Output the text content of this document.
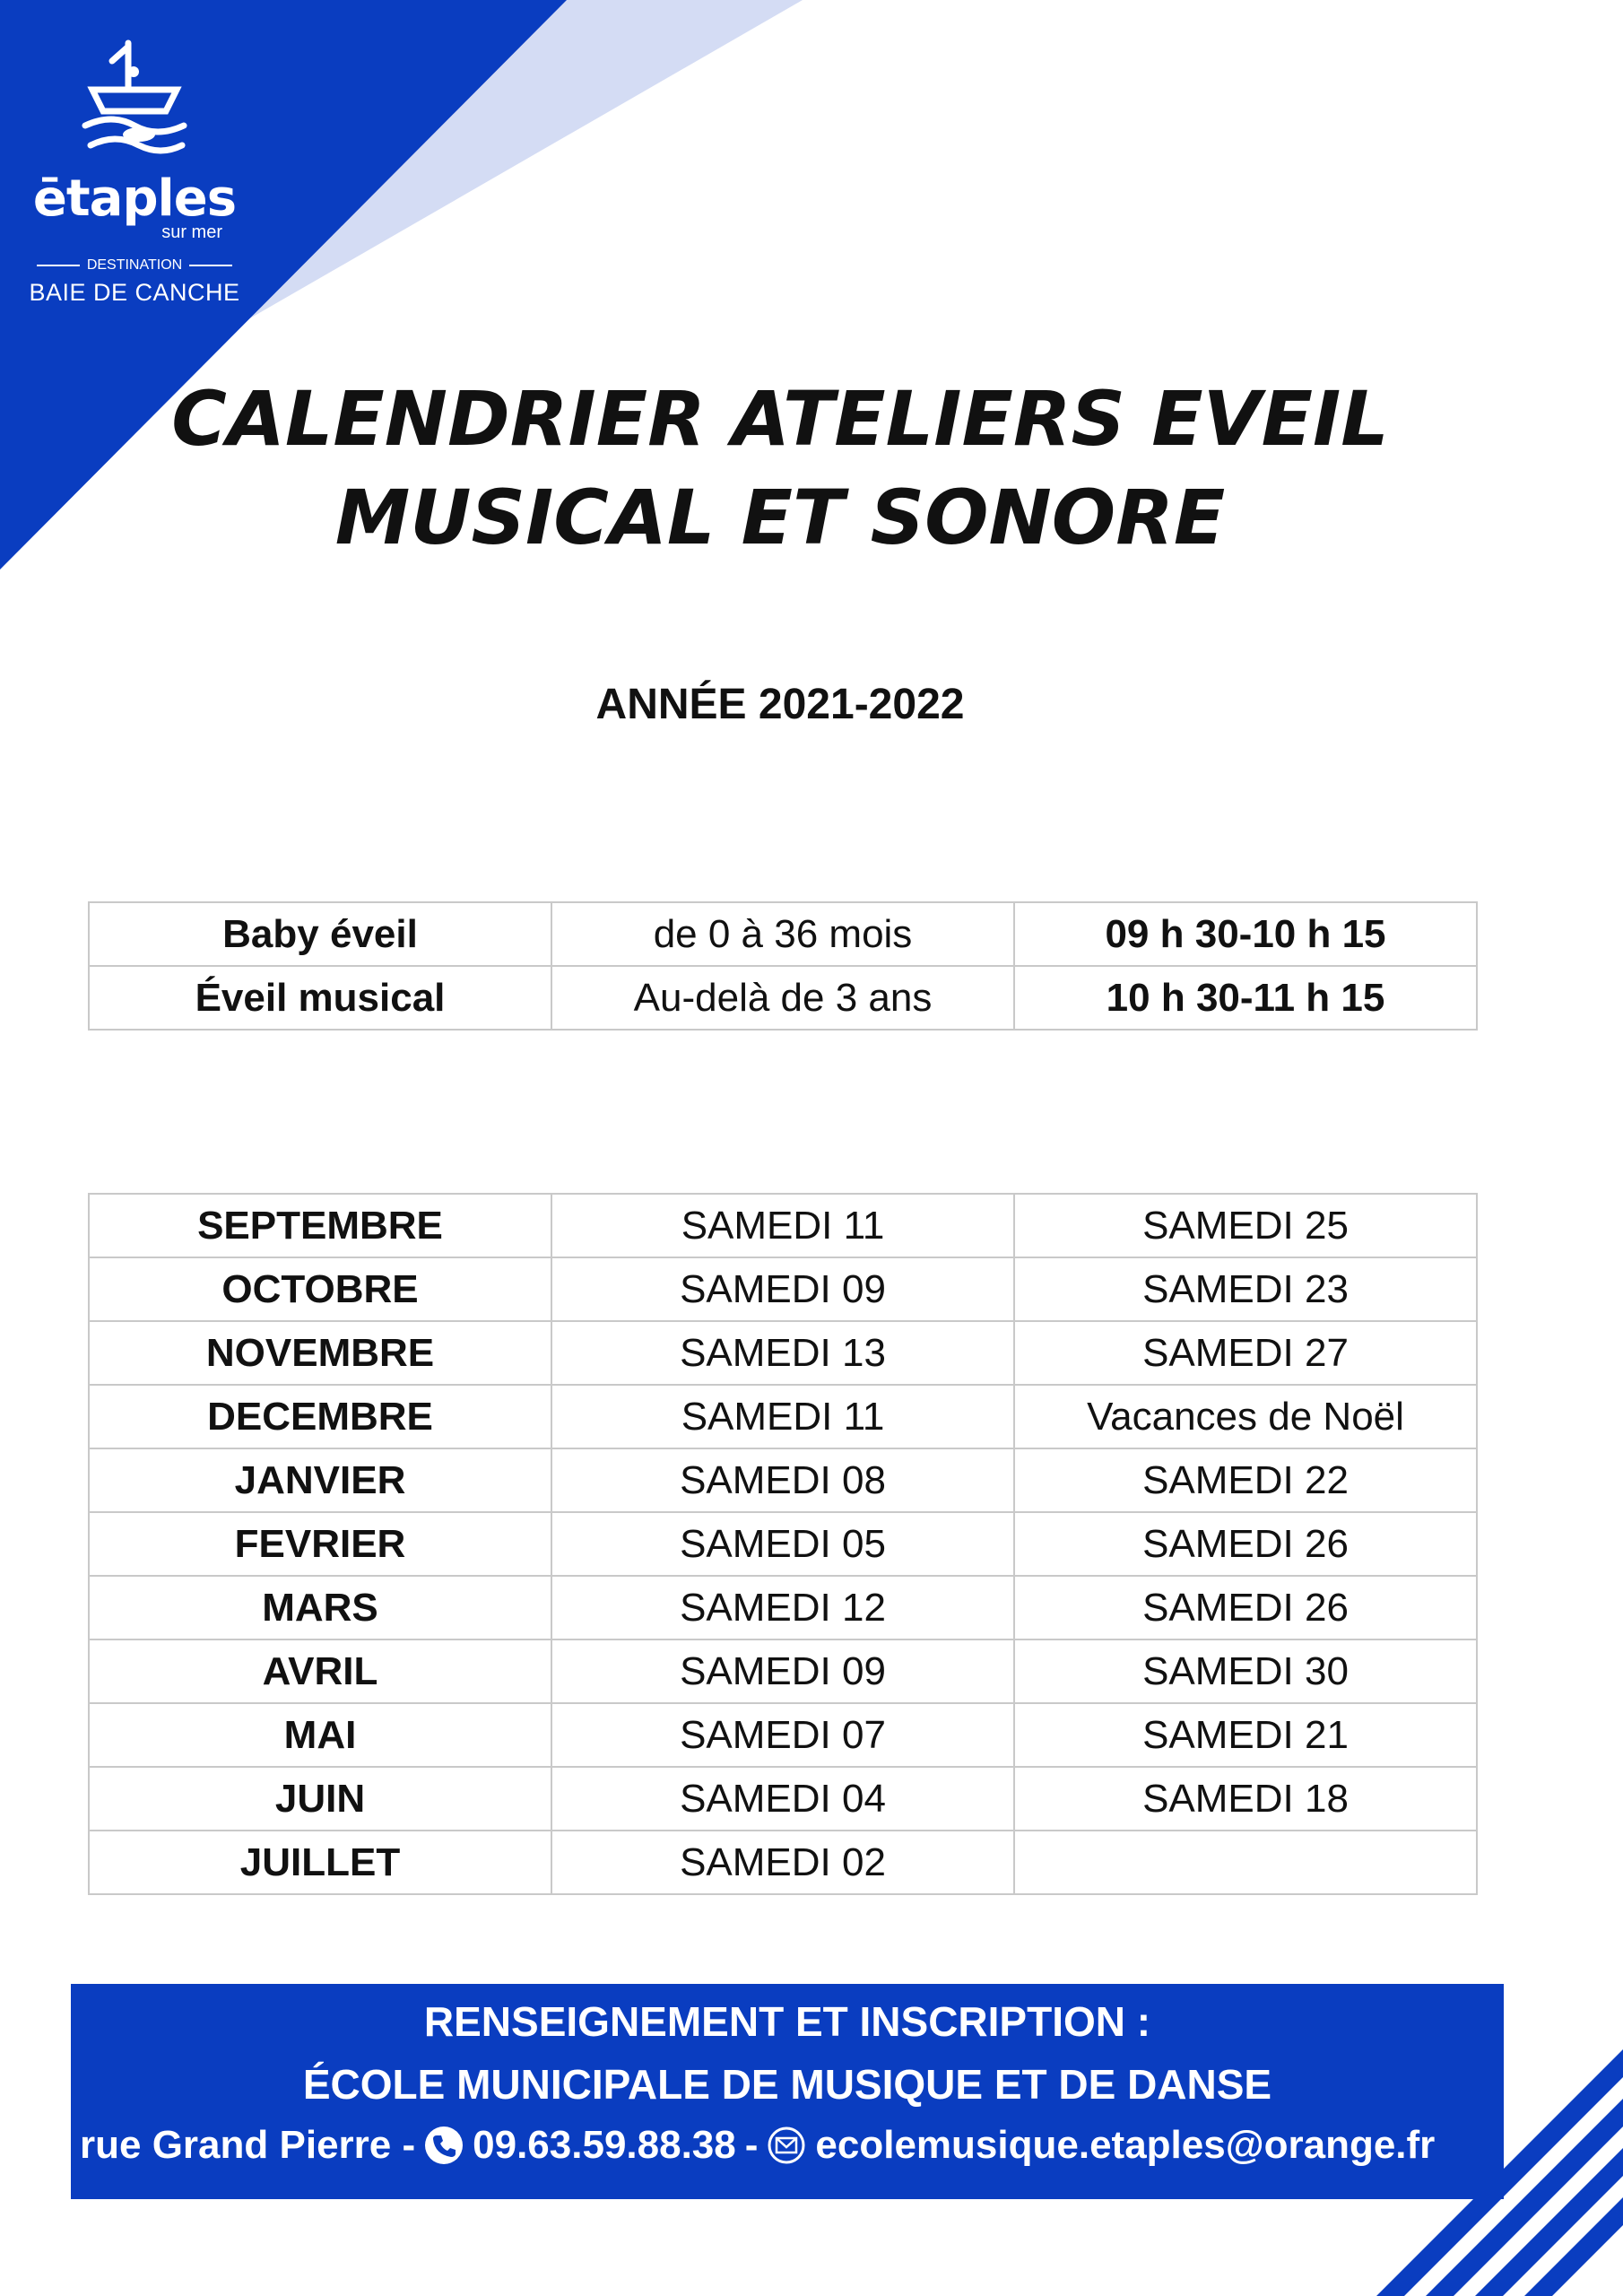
ētaples
sur mer
DESTINATION
BAIE DE CANCHE
CALENDRIER ATELIERS EVEIL
MUSICAL ET SONORE
ANNÉE 2021-2022
Baby éveil	de 0 à 36 mois	09 h 30-10 h 15
Éveil musical	Au-delà de 3 ans	10 h 30-11 h 15
SEPTEMBRE	SAMEDI 11	SAMEDI 25
OCTOBRE	SAMEDI 09	SAMEDI 23
NOVEMBRE	SAMEDI 13	SAMEDI 27
DECEMBRE	SAMEDI 11	Vacances de Noël
JANVIER	SAMEDI 08	SAMEDI 22
FEVRIER	SAMEDI 05	SAMEDI 26
MARS	SAMEDI 12	SAMEDI 26
AVRIL	SAMEDI 09	SAMEDI 30
MAI	SAMEDI 07	SAMEDI 21
JUIN	SAMEDI 04	SAMEDI 18
JUILLET	SAMEDI 02	
RENSEIGNEMENT ET INSCRIPTION :
ÉCOLE MUNICIPALE DE MUSIQUE ET DE DANSE
rue Grand Pierre - 09.63.59.88.38 - ecolemusique.etaples@orange.fr
